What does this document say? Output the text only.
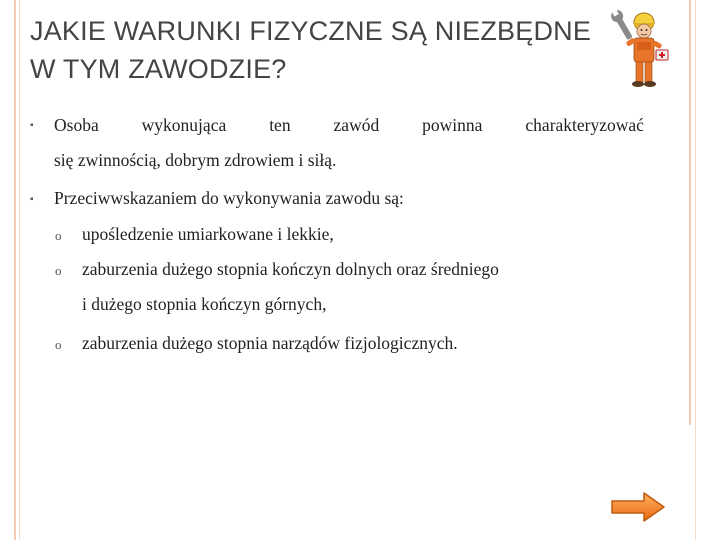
JAKIE WARUNKI FIZYCZNE SĄ NIEZBĘDNE
W TYM ZAWODZIE?
▪ Osoba wykonująca ten zawód powinna charakteryzować
się zwinnością, dobrym zdrowiem i siłą.
▪ Przeciwwskazaniem do wykonywania zawodu są:
o upośledzenie umiarkowane i lekkie,
o zaburzenia dużego stopnia kończyn dolnych oraz średniego
i dużego stopnia kończyn górnych,
o zaburzenia dużego stopnia narządów fizjologicznych.
